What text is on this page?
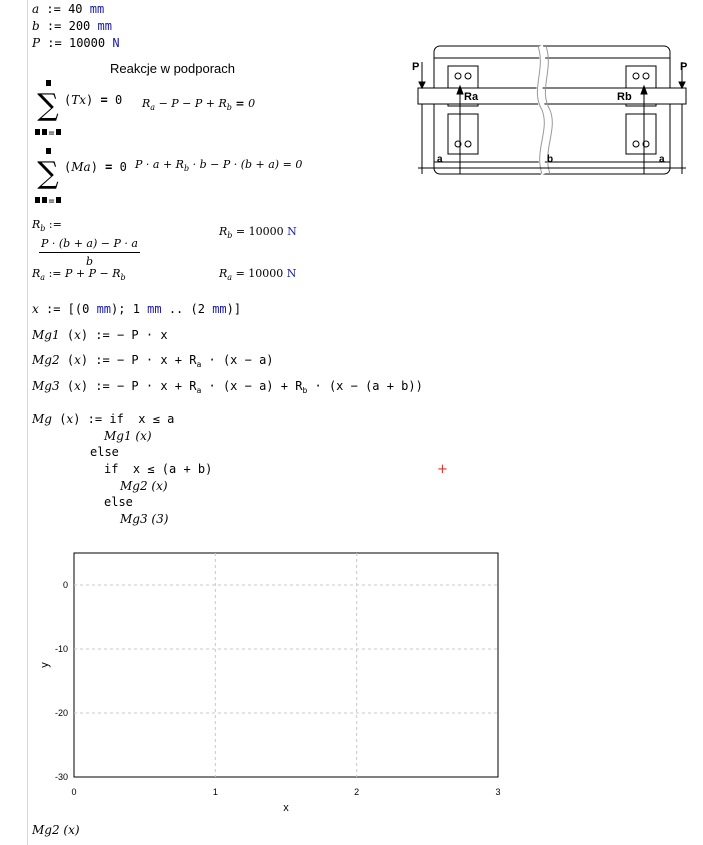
a := 40 mm
b := 200 mm
P := 10000 N
Reakcje w podporach
∑
=
(Tx) = 0 $R_a - P - P + R_b = 0$
∑
=
(Ma) = 0 $P \cdot a + R_b \cdot b - P \cdot (b + a) = 0$
$R_b$ :=

$\frac{P \cdot (b + a) - P \cdot a}{b}$
$R_b = 10000$ N
$R_a$ := $P + P - R_b$	$R_a = 10000$ N
x := [(0 mm); 1 mm .. (2 mm)]
Mg1 (x) := − P · x
Mg2 (x) := − $P \cdot x + R_a \cdot (x - a)$
Mg3 (x) := − $P \cdot x + R_a \cdot (x - a) + R_b \cdot (x - (a + b))$
Mg (x) := if  x ≤ a
Mg1 (x)
else
if  x ≤ (a + b)
Mg2 (x)
else
Mg3 (3)
+
P	P
Ra	Rb
a	b	a
0	1	2	3
0
-10
-20
-30
x
y
Mg2 (x)
